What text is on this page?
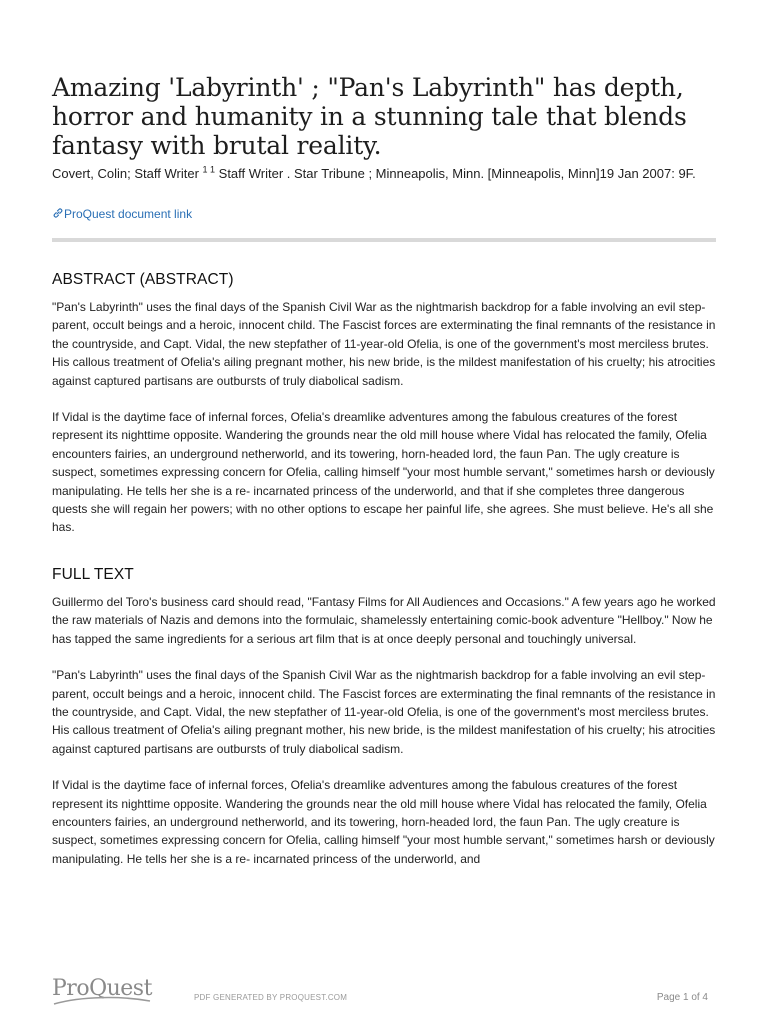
Amazing 'Labyrinth' ; "Pan's Labyrinth" has depth, horror and humanity in a stunning tale that blends fantasy with brutal reality.
Covert, Colin; Staff Writer $^{1 1}$ Staff Writer . Star Tribune ; Minneapolis, Minn. [Minneapolis, Minn]19 Jan 2007: 9F.
ProQuest document link
ABSTRACT (ABSTRACT)

"Pan's Labyrinth" uses the final days of the Spanish Civil War as the nightmarish backdrop for a fable involving an evil step-parent, occult beings and a heroic, innocent child. The Fascist forces are exterminating the final remnants of the resistance in the countryside, and Capt. Vidal, the new stepfather of 11-year-old Ofelia, is one of the government's most merciless brutes. His callous treatment of Ofelia's ailing pregnant mother, his new bride, is the mildest manifestation of his cruelty; his atrocities against captured partisans are outbursts of truly diabolical sadism.

If Vidal is the daytime face of infernal forces, Ofelia's dreamlike adventures among the fabulous creatures of the forest represent its nighttime opposite. Wandering the grounds near the old mill house where Vidal has relocated the family, Ofelia encounters fairies, an underground netherworld, and its towering, horn-headed lord, the faun Pan. The ugly creature is suspect, sometimes expressing concern for Ofelia, calling himself "your most humble servant," sometimes harsh or deviously manipulating. He tells her she is a re- incarnated princess of the underworld, and that if she completes three dangerous quests she will regain her powers; with no other options to escape her painful life, she agrees. She must believe. He's all she has.

FULL TEXT

Guillermo del Toro's business card should read, "Fantasy Films for All Audiences and Occasions." A few years ago he worked the raw materials of Nazis and demons into the formulaic, shamelessly entertaining comic-book adventure "Hellboy." Now he has tapped the same ingredients for a serious art film that is at once deeply personal and touchingly universal.

"Pan's Labyrinth" uses the final days of the Spanish Civil War as the nightmarish backdrop for a fable involving an evil step-parent, occult beings and a heroic, innocent child. The Fascist forces are exterminating the final remnants of the resistance in the countryside, and Capt. Vidal, the new stepfather of 11-year-old Ofelia, is one of the government's most merciless brutes. His callous treatment of Ofelia's ailing pregnant mother, his new bride, is the mildest manifestation of his cruelty; his atrocities against captured partisans are outbursts of truly diabolical sadism.

If Vidal is the daytime face of infernal forces, Ofelia's dreamlike adventures among the fabulous creatures of the forest represent its nighttime opposite. Wandering the grounds near the old mill house where Vidal has relocated the family, Ofelia encounters fairies, an underground netherworld, and its towering, horn-headed lord, the faun Pan. The ugly creature is suspect, sometimes expressing concern for Ofelia, calling himself "your most humble servant," sometimes harsh or deviously manipulating. He tells her she is a re- incarnated princess of the underworld, and

ProQuest	PDF GENERATED BY PROQUEST.COM	Page 1 of 4
